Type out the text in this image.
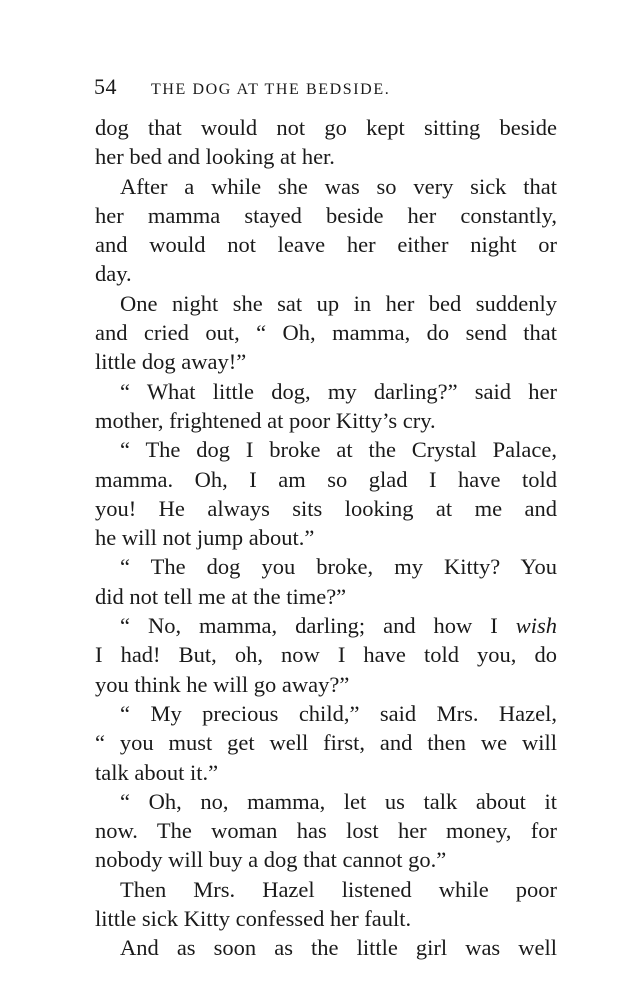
54 THE DOG AT THE BEDSIDE.
dog that would not go kept sitting beside
her bed and looking at her.
After a while she was so very sick that
her mamma stayed beside her constantly,
and would not leave her either night or
day.
One night she sat up in her bed suddenly
and cried out, “ Oh, mamma, do send that
little dog away!”
“ What little dog, my darling?” said her
mother, frightened at poor Kitty’s cry.
“ The dog I broke at the Crystal Palace,
mamma. Oh, I am so glad I have told
you! He always sits looking at me and
he will not jump about.”
“ The dog you broke, my Kitty? You
did not tell me at the time?”
“ No, mamma, darling; and how I wish
I had! But, oh, now I have told you, do
you think he will go away?”
“ My precious child,” said Mrs. Hazel,
“ you must get well first, and then we will
talk about it.”
“ Oh, no, mamma, let us talk about it
now. The woman has lost her money, for
nobody will buy a dog that cannot go.”
Then Mrs. Hazel listened while poor
little sick Kitty confessed her fault.
And as soon as the little girl was well
